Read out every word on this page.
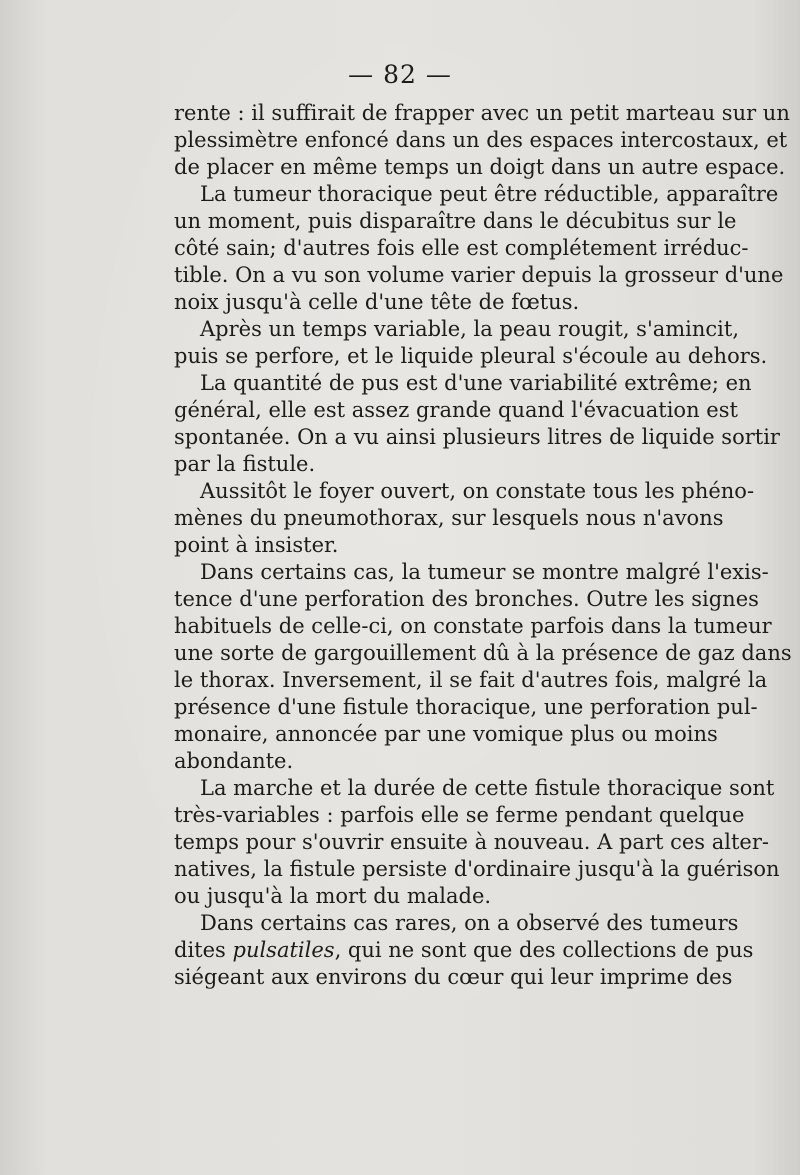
— 82 —
rente : il suffirait de frapper avec un petit marteau sur un
plessimètre enfoncé dans un des espaces intercostaux, et
de placer en même temps un doigt dans un autre espace.
La tumeur thoracique peut être réductible, apparaître
un moment, puis disparaître dans le décubitus sur le
côté sain; d'autres fois elle est complétement irréduc-
tible. On a vu son volume varier depuis la grosseur d'une
noix jusqu'à celle d'une tête de fœtus.
Après un temps variable, la peau rougit, s'amincit,
puis se perfore, et le liquide pleural s'écoule au dehors.
La quantité de pus est d'une variabilité extrême; en
général, elle est assez grande quand l'évacuation est
spontanée. On a vu ainsi plusieurs litres de liquide sortir
par la fistule.
Aussitôt le foyer ouvert, on constate tous les phéno-
mènes du pneumothorax, sur lesquels nous n'avons
point à insister.
Dans certains cas, la tumeur se montre malgré l'exis-
tence d'une perforation des bronches. Outre les signes
habituels de celle-ci, on constate parfois dans la tumeur
une sorte de gargouillement dû à la présence de gaz dans
le thorax. Inversement, il se fait d'autres fois, malgré la
présence d'une fistule thoracique, une perforation pul-
monaire, annoncée par une vomique plus ou moins
abondante.
La marche et la durée de cette fistule thoracique sont
très-variables : parfois elle se ferme pendant quelque
temps pour s'ouvrir ensuite à nouveau. A part ces alter-
natives, la fistule persiste d'ordinaire jusqu'à la guérison
ou jusqu'à la mort du malade.
Dans certains cas rares, on a observé des tumeurs
dites pulsatiles, qui ne sont que des collections de pus
siégeant aux environs du cœur qui leur imprime des
